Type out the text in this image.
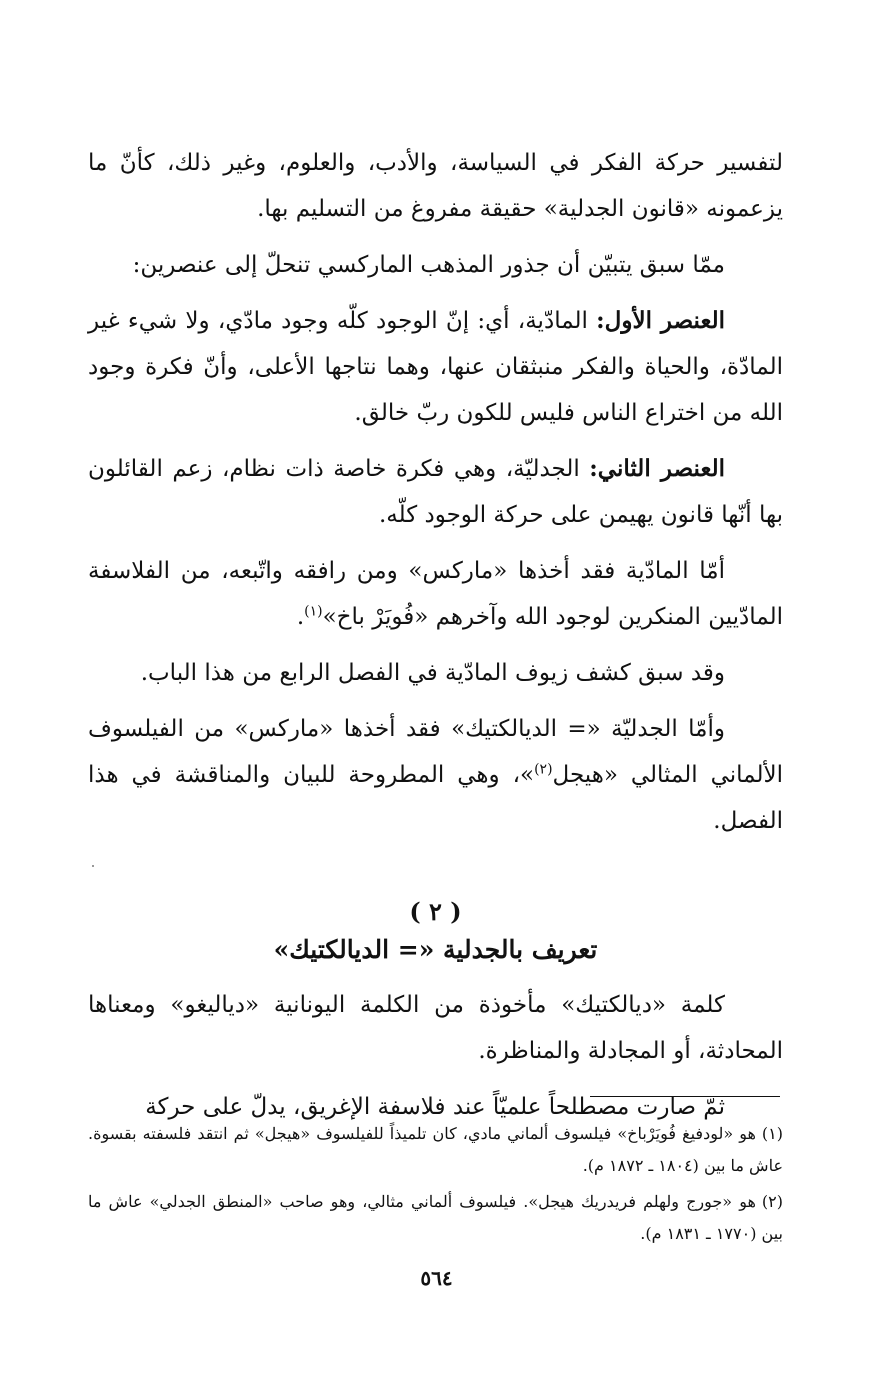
لتفسير حركة الفكر في السياسة، والأدب، والعلوم، وغير ذلك، كأنّ ما يزعمونه «قانون الجدلية» حقيقة مفروغ من التسليم بها.

ممّا سبق يتبيّن أن جذور المذهب الماركسي تنحلّ إلى عنصرين:

العنصر الأول: المادّية، أي: إنّ الوجود كلّه وجود مادّي، ولا شيء غير المادّة، والحياة والفكر منبثقان عنها، وهما نتاجها الأعلى، وأنّ فكرة وجود الله من اختراع الناس فليس للكون ربّ خالق.

العنصر الثاني: الجدليّة، وهي فكرة خاصة ذات نظام، زعم القائلون بها أنّها قانون يهيمن على حركة الوجود كلّه.

أمّا المادّية فقد أخذها «ماركس» ومن رافقه واتّبعه، من الفلاسفة المادّيين المنكرين لوجود الله وآخرهم «فُويَرْ باخ»$^{(١)}$.

وقد سبق كشف زيوف المادّية في الفصل الرابع من هذا الباب.

وأمّا الجدليّة «= الديالكتيك» فقد أخذها «ماركس» من الفيلسوف الألماني المثالي «هيجل$^{(٢)}$»، وهي المطروحة للبيان والمناقشة في هذا الفصل.

( ٢ )
تعريف بالجدلية «= الديالكتيك»

كلمة «ديالكتيك» مأخوذة من الكلمة اليونانية «دياليغو» ومعناها المحادثة، أو المجادلة والمناظرة.

ثمّ صارت مصطلحاً علميّاً عند فلاسفة الإغريق، يدلّ على حركة

(١)هو «لودفيغ فُويَرْباخ» فيلسوف ألماني مادي، كان تلميذاً للفيلسوف «هيجل» ثم انتقد فلسفته بقسوة. عاش ما بين (١٨٠٤ ـ ١٨٧٢ م).

(٢)هو «جورج ولهلم فريدريك هيجل». فيلسوف ألماني مثالي، وهو صاحب «المنطق الجدلي» عاش ما بين (١٧٧٠ ـ ١٨٣١ م).

٥٦٤
